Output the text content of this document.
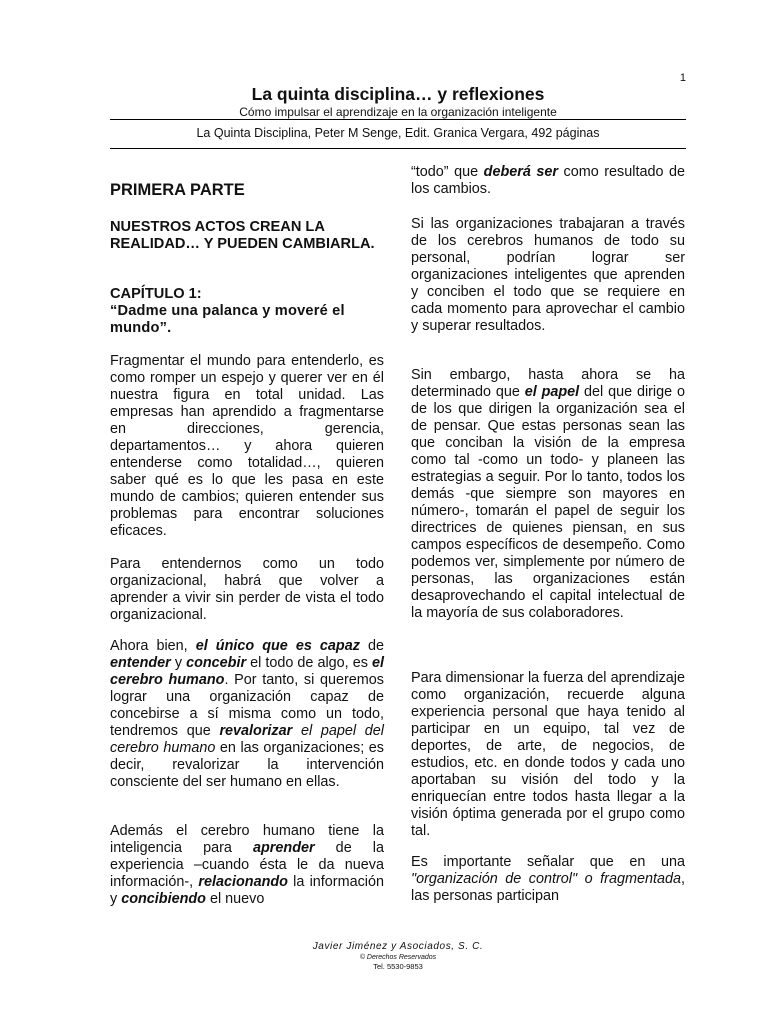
1
La quinta disciplina… y reflexiones
Cómo impulsar el aprendizaje en la organización inteligente
La Quinta Disciplina, Peter M Senge, Edit. Granica Vergara, 492 páginas
PRIMERA PARTE
NUESTROS ACTOS CREAN LA REALIDAD… Y PUEDEN CAMBIARLA.
CAPÍTULO 1:
“Dadme una palanca y moveré el mundo”.

Fragmentar el mundo para entenderlo, es como romper un espejo y querer ver en él nuestra figura en total unidad. Las empresas han aprendido a fragmentarse en direcciones, gerencia, departamentos… y ahora quieren entenderse como totalidad…, quieren saber qué es lo que les pasa en este mundo de cambios; quieren entender sus problemas para encontrar soluciones eficaces.

Para entendernos como un todo organizacional, habrá que volver a aprender a vivir sin perder de vista el todo organizacional.

Ahora bien, el único que es capaz de entender y concebir el todo de algo, es el cerebro humano. Por tanto, si queremos lograr una organización capaz de concebirse a sí misma como un todo, tendremos que revalorizar el papel del cerebro humano en las organizaciones; es decir, revalorizar la intervención consciente del ser humano en ellas.

Además el cerebro humano tiene la inteligencia para aprender de la experiencia –cuando ésta le da nueva información-, relacionando la información y concibiendo el nuevo

“todo” que deberá ser como resultado de los cambios.

Si las organizaciones trabajaran a través de los cerebros humanos de todo su personal, podrían lograr ser organizaciones inteligentes que aprenden y conciben el todo que se requiere en cada momento para aprovechar el cambio y superar resultados.

Sin embargo, hasta ahora se ha determinado que el papel del que dirige o de los que dirigen la organización sea el de pensar. Que estas personas sean las que conciban la visión de la empresa como tal -como un todo- y planeen las estrategias a seguir. Por lo tanto, todos los demás -que siempre son mayores en número-, tomarán el papel de seguir los directrices de quienes piensan, en sus campos específicos de desempeño. Como podemos ver, simplemente por número de personas, las organizaciones están desaprovechando el capital intelectual de la mayoría de sus colaboradores.

Para dimensionar la fuerza del aprendizaje como organización, recuerde alguna experiencia personal que haya tenido al participar en un equipo, tal vez de deportes, de arte, de negocios, de estudios, etc. en donde todos y cada uno aportaban su visión del todo y la enriquecían entre todos hasta llegar a la visión óptima generada por el grupo como tal.

Es importante señalar que en una "organización de control" o fragmentada, las personas participan

Javier Jiménez y Asociados, S. C.
© Derechos Reservados
Tel. 5530-9853
